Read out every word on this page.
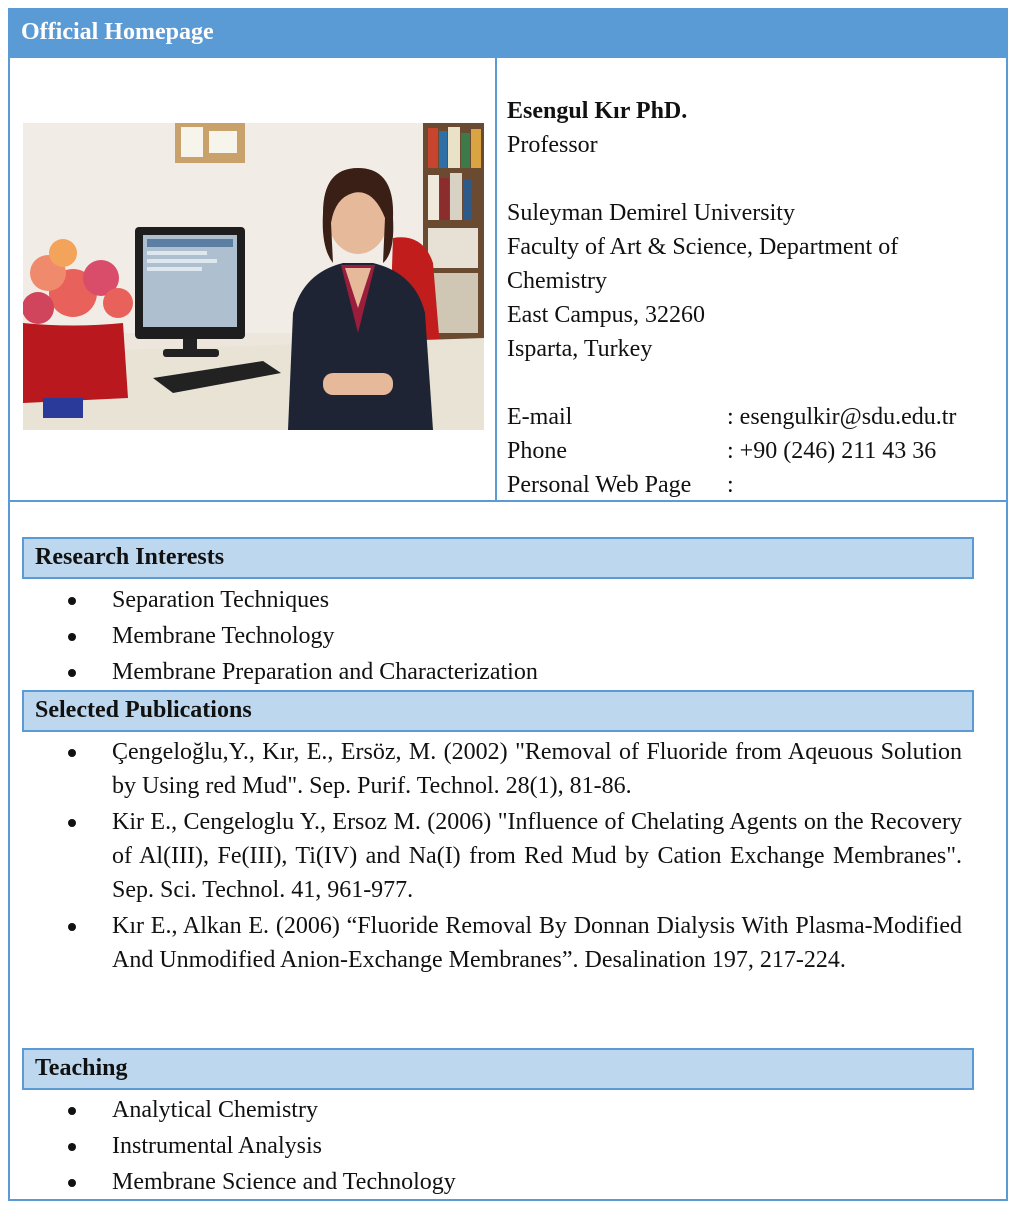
Official Homepage
Esengul Kır PhD.
Professor
Suleyman Demirel University
Faculty of Art & Science, Department of
Chemistry
East Campus, 32260
Isparta, Turkey
E-mail	: esengulkir@sdu.edu.tr
Phone	: +90 (246) 211 43 36
Personal Web Page	:
Research Interests
Separation Techniques
Membrane Technology
Membrane Preparation and Characterization
Selected Publications
Çengeloğlu,Y., Kır, E., Ersöz, M. (2002) "Removal of Fluoride from Aqeuous Solution by Using red Mud". Sep. Purif. Technol. 28(1), 81-86.
Kir E., Cengeloglu Y., Ersoz M. (2006) "Influence of Chelating Agents on the Recovery of Al(III), Fe(III), Ti(IV) and Na(I) from Red Mud by Cation Exchange Membranes". Sep. Sci. Technol. 41, 961-977.
Kır E., Alkan E. (2006) “Fluoride Removal By Donnan Dialysis With Plasma-Modified And Unmodified Anion-Exchange Membranes”. Desalination 197, 217-224.
Teaching
Analytical Chemistry
Instrumental Analysis
Membrane Science and Technology
